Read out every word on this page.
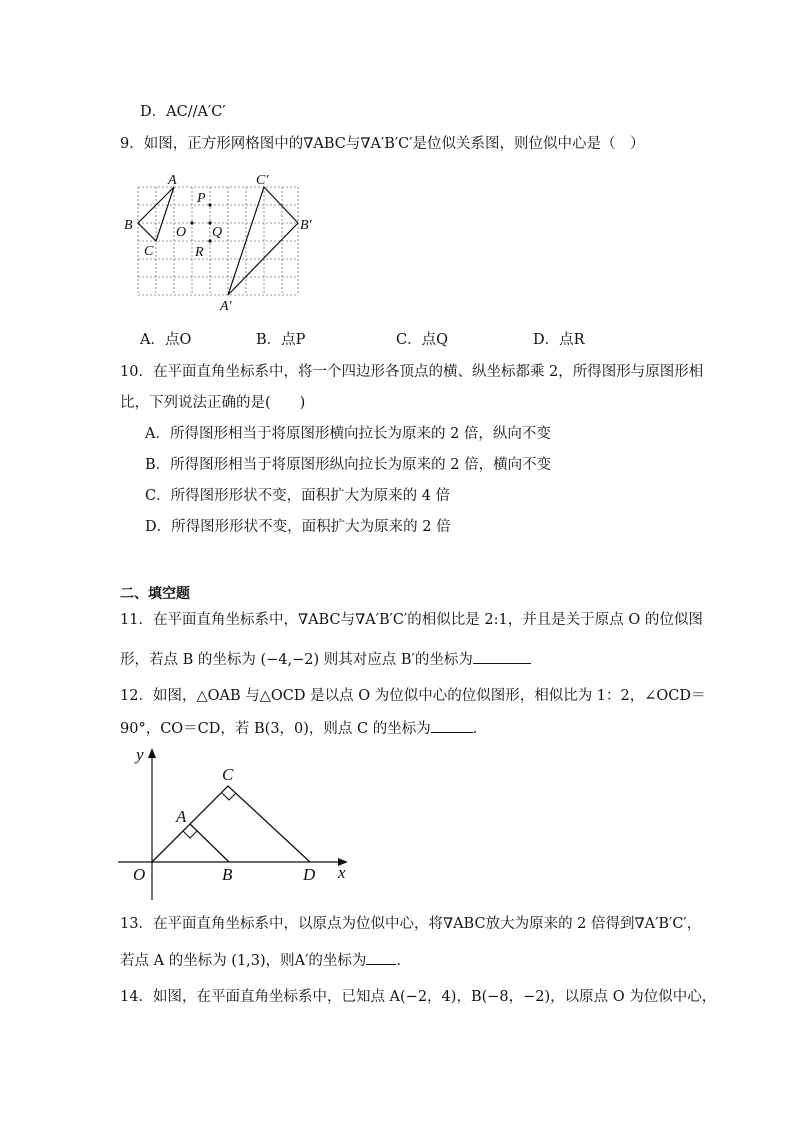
D．AC//A′C′
9．如图，正方形网格图中的∇ABC与∇A′B′C′是位似关系图，则位似中心是（　）
A
B
C
C′
B′
A′
O
P
Q
R
A．点O	B．点P	C．点Q	D．点R
10．在平面直角坐标系中，将一个四边形各顶点的横、纵坐标都乘 2，所得图形与原图形相
比，下列说法正确的是(　　)
A．所得图形相当于将原图形横向拉长为原来的 2 倍，纵向不变
B．所得图形相当于将原图形纵向拉长为原来的 2 倍，横向不变
C．所得图形形状不变，面积扩大为原来的 4 倍
D．所得图形形状不变，面积扩大为原来的 2 倍
二、填空题
11．在平面直角坐标系中，∇ABC与∇A′B′C′的相似比是 2:1，并且是关于原点 O 的位似图
形，若点 B 的坐标为 (−4,−2) 则其对应点 B′的坐标为
12．如图，△OAB 与△OCD 是以点 O 为位似中心的位似图形，相似比为 1：2，∠OCD＝
90°，CO＝CD，若 B(3，0)，则点 C 的坐标为	．
y
x
O
A
B
C
D
13．在平面直角坐标系中，以原点为位似中心，将∇ABC放大为原来的 2 倍得到∇A′B′C′，
若点 A 的坐标为 (1,3)，则A′的坐标为 ．
14．如图，在平面直角坐标系中，已知点 A(−2，4)，B(−8，−2)，以原点 O 为位似中心，
